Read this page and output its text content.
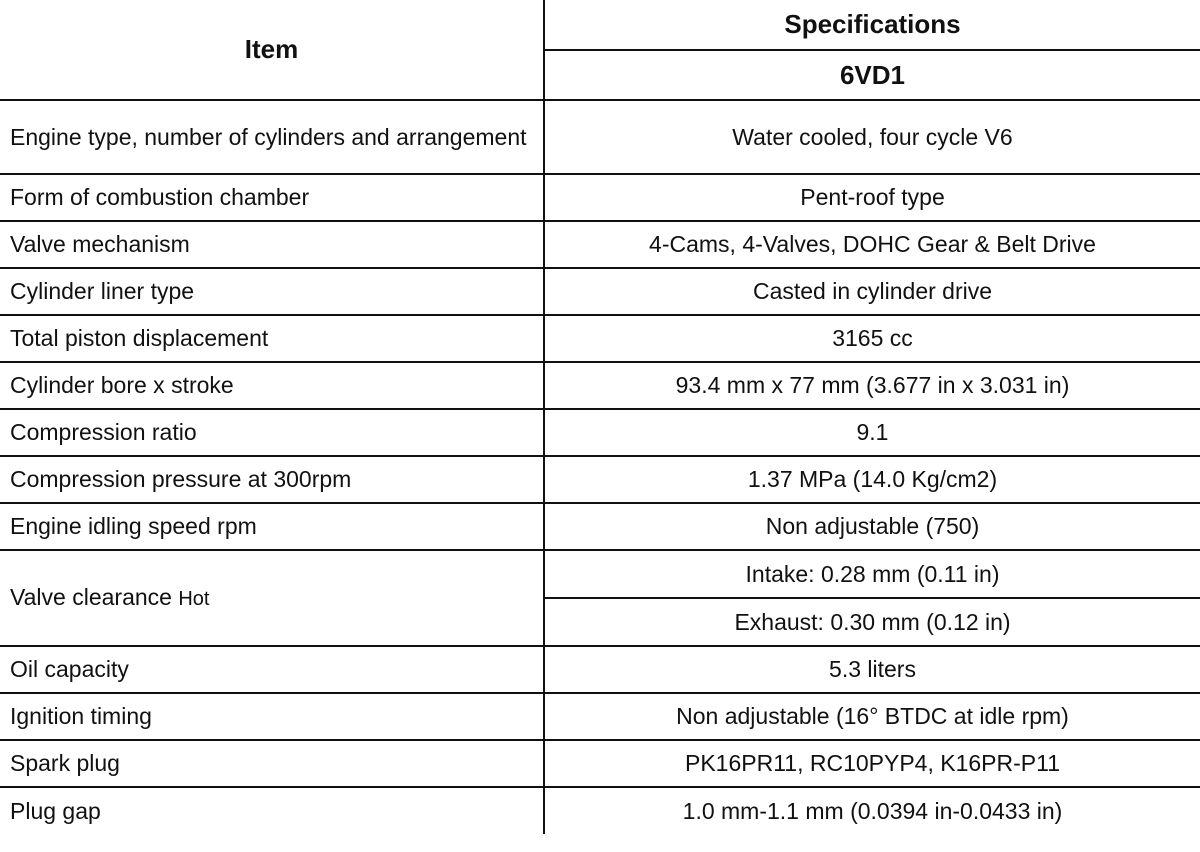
Item	Specifications
	6VD1
Engine type, number of cylinders and arrangement	Water cooled, four cycle V6
Form of combustion chamber	Pent-roof type
Valve mechanism	4-Cams, 4-Valves, DOHC Gear & Belt Drive
Cylinder liner type	Casted in cylinder drive
Total piston displacement	3165 cc
Cylinder bore x stroke	93.4 mm x 77 mm (3.677 in x 3.031 in)
Compression ratio	9.1
Compression pressure at 300rpm	1.37 MPa (14.0 Kg/cm2)
Engine idling speed rpm	Non adjustable (750)
Valve clearance Hot	Intake: 0.28 mm (0.11 in)
	Exhaust: 0.30 mm (0.12 in)
Oil capacity	5.3 liters
Ignition timing	Non adjustable (16° BTDC at idle rpm)
Spark plug	PK16PR11, RC10PYP4, K16PR-P11
Plug gap	1.0 mm-1.1 mm (0.0394 in-0.0433 in)
